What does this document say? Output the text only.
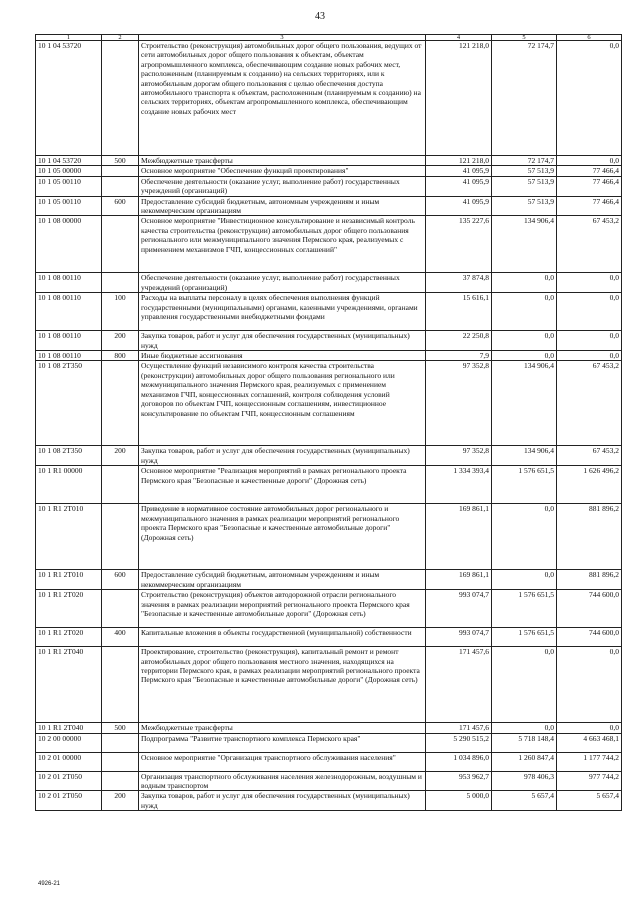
43
1	2	3	4	5	6
10 1 04 53720		Строительство (реконструкция) автомобильных дорог общего пользования, ведущих от сети автомобильных дорог общего пользования к объектам, объектам агропромышленного комплекса, обеспечивающим создание новых рабочих мест, расположенным (планируемым к созданию) на сельских территориях, или к автомобильным дорогам общего пользования с целью обеспечения доступа автомобильного транспорта к объектам, расположенным (планируемым к созданию) на сельских территориях, объектам агропромышленного комплекса, обеспечивающим создание новых рабочих мест	121 218,0	72 174,7	0,0
10 1 04 53720	500	Межбюджетные трансферты	121 218,0	72 174,7	0,0
10 1 05 00000		Основное мероприятие "Обеспечение функций проектирования"	41 095,9	57 513,9	77 466,4
10 1 05 00110		Обеспечение деятельности (оказание услуг, выполнение работ) государственных учреждений (организаций)	41 095,9	57 513,9	77 466,4
10 1 05 00110	600	Предоставление субсидий бюджетным, автономным учреждениям и иным некоммерческим организациям	41 095,9	57 513,9	77 466,4
10 1 08 00000		Основное мероприятие "Инвестиционное консультирование и независимый контроль качества строительства (реконструкции) автомобильных дорог общего пользования регионального или межмуниципального значения Пермского края, реализуемых с применением механизмов ГЧП, концессионных соглашений"	135 227,6	134 906,4	67 453,2
10 1 08 00110		Обеспечение деятельности (оказание услуг, выполнение работ) государственных учреждений (организаций)	37 874,8	0,0	0,0
10 1 08 00110	100	Расходы на выплаты персоналу в целях обеспечения выполнения функций государственными (муниципальными) органами, казенными учреждениями, органами управления государственными внебюджетными фондами	15 616,1	0,0	0,0
10 1 08 00110	200	Закупка товаров, работ и услуг для обеспечения государственных (муниципальных) нужд	22 250,8	0,0	0,0
10 1 08 00110	800	Иные бюджетные ассигнования	7,9	0,0	0,0
10 1 08 2T350		Осуществление функций независимого контроля качества строительства (реконструкции) автомобильных дорог общего пользования регионального или межмуниципального значения Пермского края, реализуемых с применением механизмов ГЧП, концессионных соглашений, контроля соблюдения условий договоров по объектам ГЧП, концессионным соглашениям, инвестиционное консультирование по объектам ГЧП, концессионным соглашениям	97 352,8	134 906,4	67 453,2
10 1 08 2T350	200	Закупка товаров, работ и услуг для обеспечения государственных (муниципальных) нужд	97 352,8	134 906,4	67 453,2
10 1 R1 00000		Основное мероприятие "Реализация мероприятий в рамках регионального проекта Пермского края "Безопасные и качественные дороги" (Дорожная сеть)	1 334 393,4	1 576 651,5	1 626 496,2
10 1 R1 2T010		Приведение в нормативное состояние автомобильных дорог регионального и межмуниципального значения в рамках реализации мероприятий регионального проекта Пермского края "Безопасные и качественные автомобильные дороги" (Дорожная сеть)	169 861,1	0,0	881 896,2
10 1 R1 2T010	600	Предоставление субсидий бюджетным, автономным учреждениям и иным некоммерческим организациям	169 861,1	0,0	881 896,2
10 1 R1 2T020		Строительство (реконструкция) объектов автодорожной отрасли регионального значения в рамках реализации мероприятий регионального проекта Пермского края "Безопасные и качественные автомобильные дороги" (Дорожная сеть)	993 074,7	1 576 651,5	744 600,0
10 1 R1 2T020	400	Капитальные вложения в объекты государственной (муниципальной) собственности	993 074,7	1 576 651,5	744 600,0
10 1 R1 2T040		Проектирование, строительство (реконструкция), капитальный ремонт и ремонт автомобильных дорог общего пользования местного значения, находящихся на территории Пермского края, в рамках реализации мероприятий регионального проекта Пермского края "Безопасные и качественные автомобильные дороги" (Дорожная сеть)	171 457,6	0,0	0,0
10 1 R1 2T040	500	Межбюджетные трансферты	171 457,6	0,0	0,0
10 2 00 00000		Подпрограмма "Развитие транспортного комплекса Пермского края"	5 290 515,2	5 718 148,4	4 663 468,1
10 2 01 00000		Основное мероприятие "Организация транспортного обслуживания населения"	1 034 896,0	1 260 847,4	1 177 744,2
10 2 01 2T050		Организация транспортного обслуживания населения железнодорожным, воздушным и водным транспортом	953 962,7	978 406,3	977 744,2
10 2 01 2T050	200	Закупка товаров, работ и услуг для обеспечения государственных (муниципальных) нужд	5 000,0	5 657,4	5 657,4
4926-21
